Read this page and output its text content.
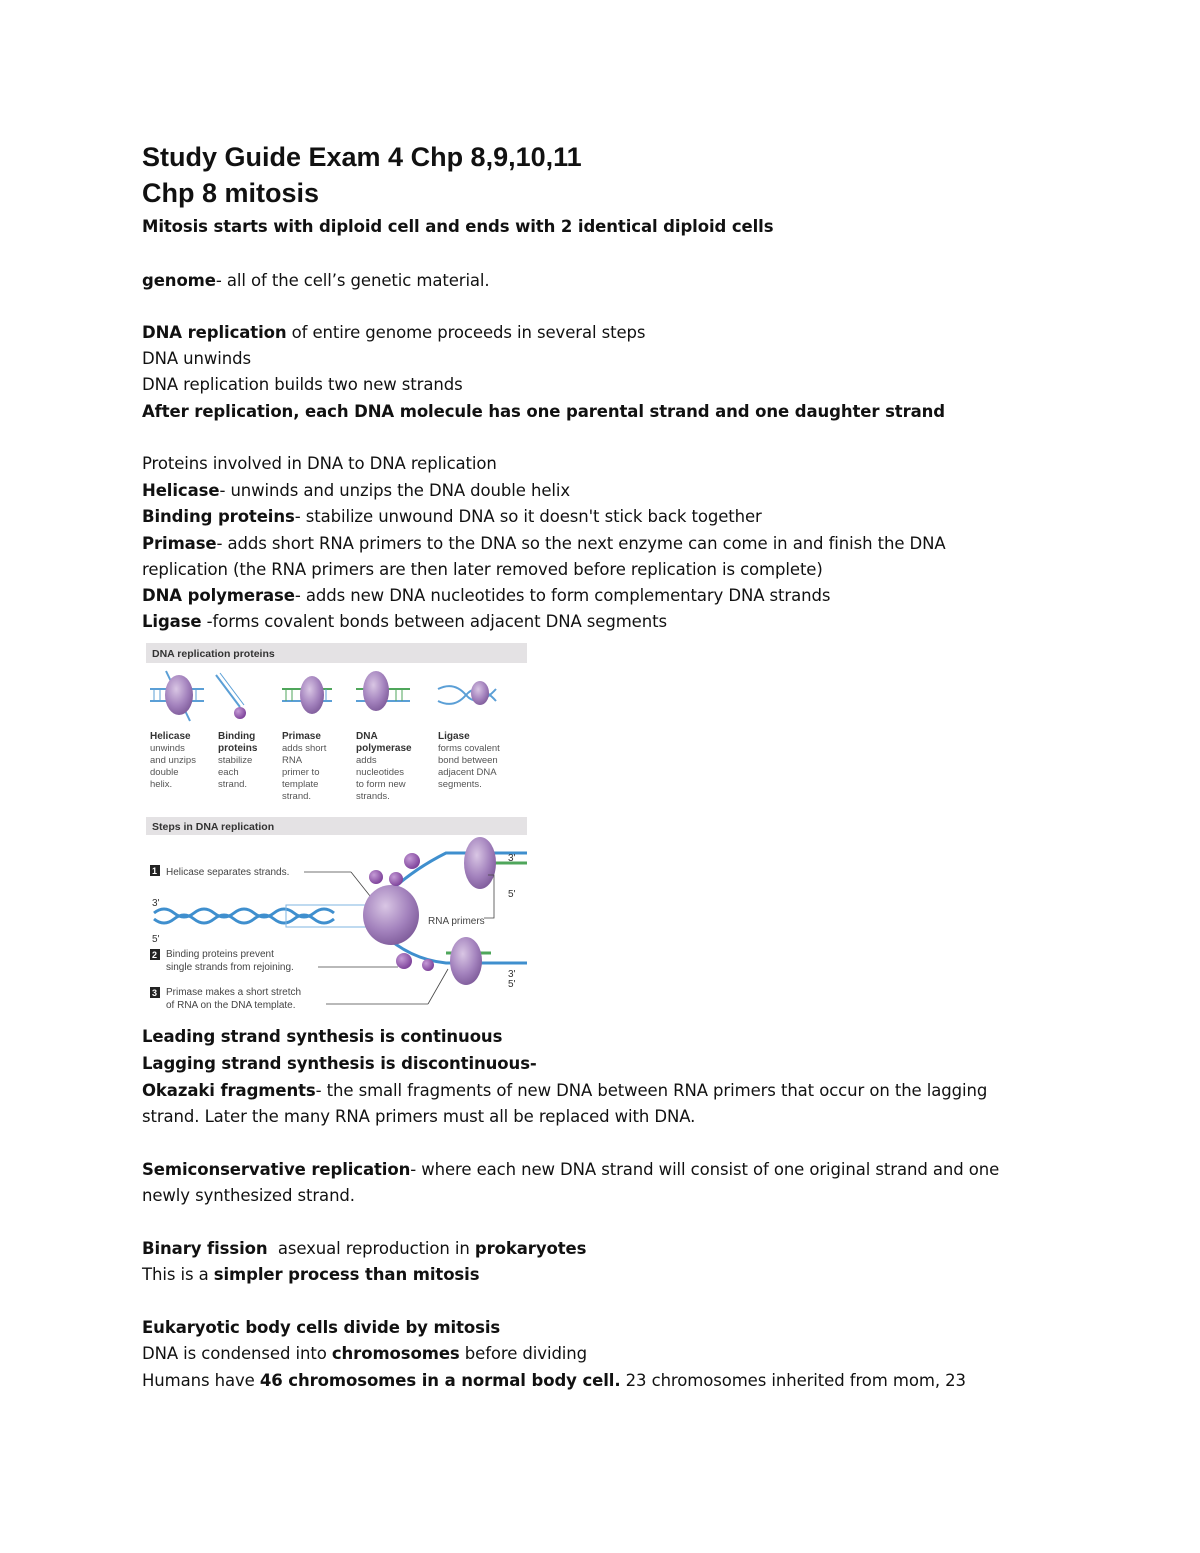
Study Guide Exam 4 Chp 8,9,10,11
Chp 8 mitosis
Mitosis starts with diploid cell and ends with 2 identical diploid cells
genome- all of the cell’s genetic material.
DNA replication of entire genome proceeds in several steps
DNA unwinds
DNA replication builds two new strands
After replication, each DNA molecule has one parental strand and one daughter strand
Proteins involved in DNA to DNA replication
Helicase- unwinds and unzips the DNA double helix
Binding proteins- stabilize unwound DNA so it doesn't stick back together
Primase- adds short RNA primers to the DNA so the next enzyme can come in and finish the DNA
replication (the RNA primers are then later removed before replication is complete)
DNA polymerase- adds new DNA nucleotides to form complementary DNA strands
Ligase -forms covalent bonds between adjacent DNA segments
DNA replication proteins
Helicase
unwinds
and unzips
double
helix.
Binding
proteins
stabilize
each
strand.
Primase
adds short
RNA
primer to
template
strand.
DNA
polymerase
adds
nucleotides
to form new
strands.
Ligase
forms covalent
bond between
adjacent DNA
segments.
Steps in DNA replication
1 Helicase separates strands.
2 Binding proteins prevent
single strands from rejoining.
3 Primase makes a short stretch
of RNA on the DNA template.
3'
5'
3'
5'
3'
5'
RNA primers
Leading strand synthesis is continuous
Lagging strand synthesis is discontinuous-
Okazaki fragments- the small fragments of new DNA between RNA primers that occur on the lagging
strand. Later the many RNA primers must all be replaced with DNA.
Semiconservative replication- where each new DNA strand will consist of one original strand and one
newly synthesized strand.
Binary fission  asexual reproduction in prokaryotes
This is a simpler process than mitosis
Eukaryotic body cells divide by mitosis
DNA is condensed into chromosomes before dividing
Humans have 46 chromosomes in a normal body cell. 23 chromosomes inherited from mom, 23
